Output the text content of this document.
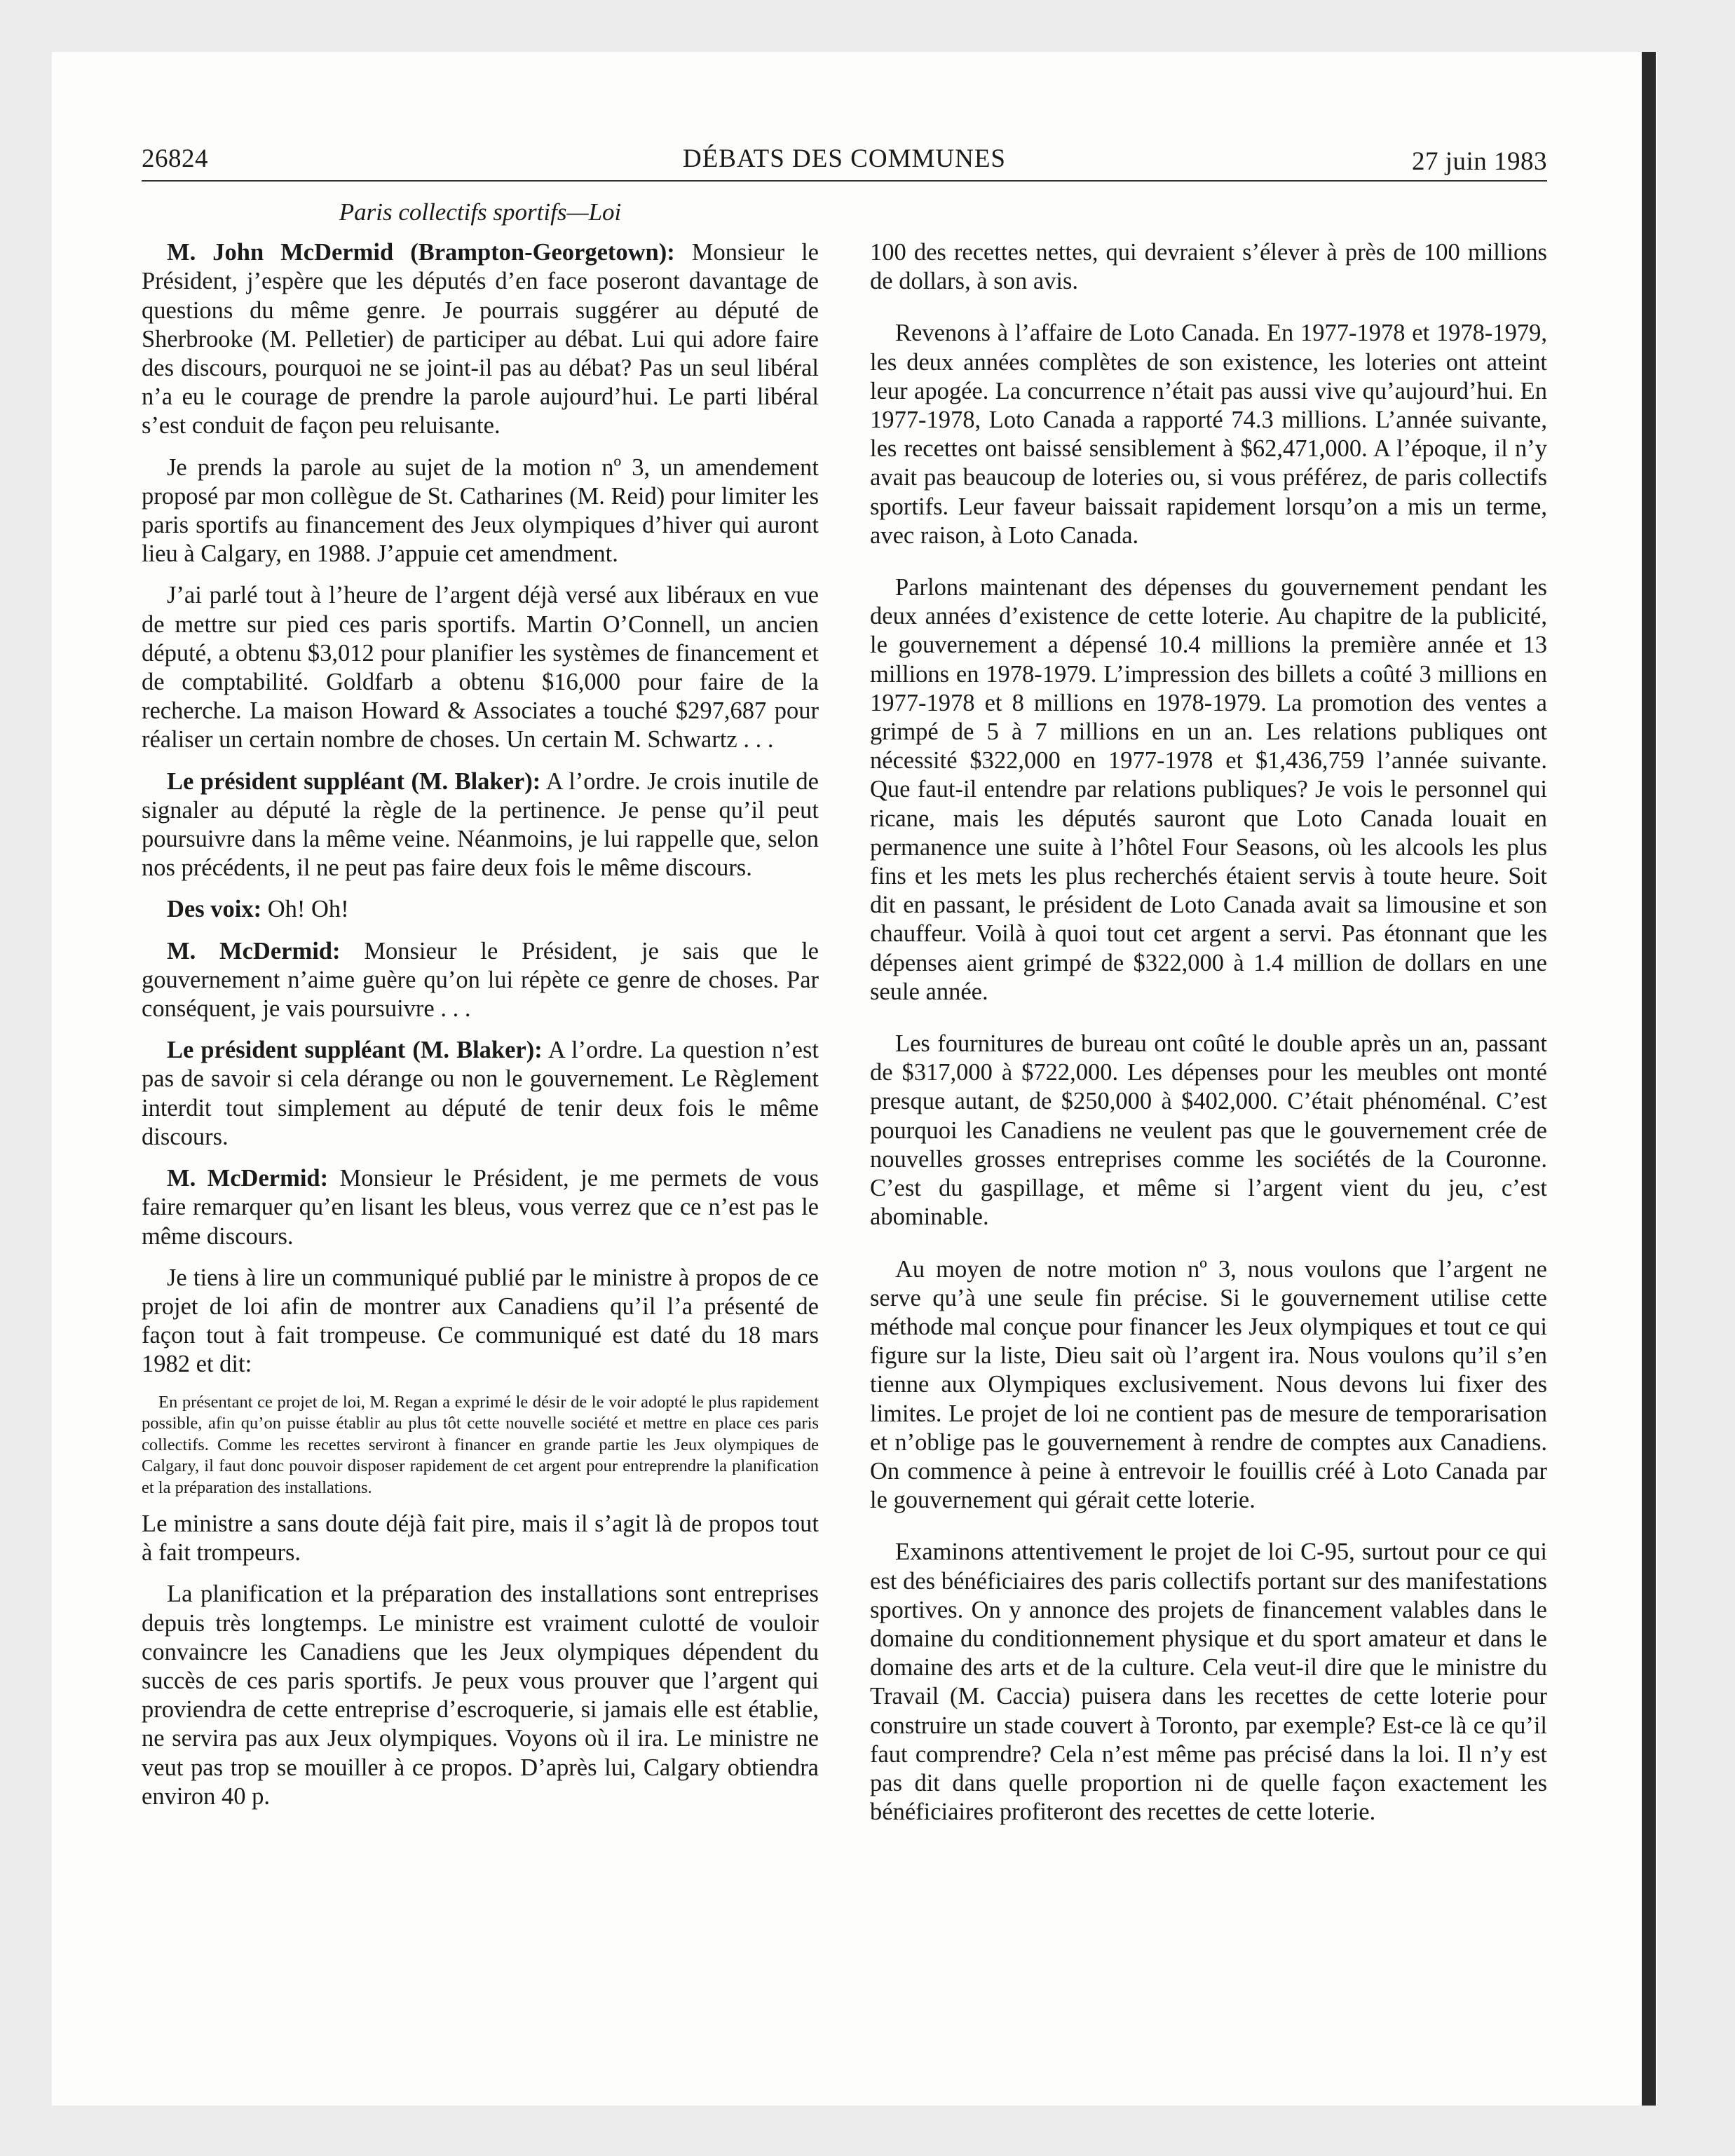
26824	DÉBATS DES COMMUNES	27 juin 1983
Paris collectifs sportifs—Loi

M. John McDermid (Brampton-Georgetown): Monsieur le Président, j’espère que les députés d’en face poseront davantage de questions du même genre. Je pourrais suggérer au député de Sherbrooke (M. Pelletier) de participer au débat. Lui qui adore faire des discours, pourquoi ne se joint-il pas au débat? Pas un seul libéral n’a eu le courage de prendre la parole aujourd’hui. Le parti libéral s’est conduit de façon peu reluisante.

Je prends la parole au sujet de la motion nº 3, un amendement proposé par mon collègue de St. Catharines (M. Reid) pour limiter les paris sportifs au financement des Jeux olympiques d’hiver qui auront lieu à Calgary, en 1988. J’appuie cet amendment.

J’ai parlé tout à l’heure de l’argent déjà versé aux libéraux en vue de mettre sur pied ces paris sportifs. Martin O’Connell, un ancien député, a obtenu $3,012 pour planifier les systèmes de financement et de comptabilité. Goldfarb a obtenu $16,000 pour faire de la recherche. La maison Howard & Associates a touché $297,687 pour réaliser un certain nombre de choses. Un certain M. Schwartz . . .

Le président suppléant (M. Blaker): A l’ordre. Je crois inutile de signaler au député la règle de la pertinence. Je pense qu’il peut poursuivre dans la même veine. Néanmoins, je lui rappelle que, selon nos précédents, il ne peut pas faire deux fois le même discours.

Des voix: Oh! Oh!

M. McDermid: Monsieur le Président, je sais que le gouvernement n’aime guère qu’on lui répète ce genre de choses. Par conséquent, je vais poursuivre . . .

Le président suppléant (M. Blaker): A l’ordre. La question n’est pas de savoir si cela dérange ou non le gouvernement. Le Règlement interdit tout simplement au député de tenir deux fois le même discours.

M. McDermid: Monsieur le Président, je me permets de vous faire remarquer qu’en lisant les bleus, vous verrez que ce n’est pas le même discours.

Je tiens à lire un communiqué publié par le ministre à propos de ce projet de loi afin de montrer aux Canadiens qu’il l’a présenté de façon tout à fait trompeuse. Ce communiqué est daté du 18 mars 1982 et dit:

En présentant ce projet de loi, M. Regan a exprimé le désir de le voir adopté le plus rapidement possible, afin qu’on puisse établir au plus tôt cette nouvelle société et mettre en place ces paris collectifs. Comme les recettes serviront à financer en grande partie les Jeux olympiques de Calgary, il faut donc pouvoir disposer rapidement de cet argent pour entreprendre la planification et la préparation des installations.

Le ministre a sans doute déjà fait pire, mais il s’agit là de propos tout à fait trompeurs.

La planification et la préparation des installations sont entreprises depuis très longtemps. Le ministre est vraiment culotté de vouloir convaincre les Canadiens que les Jeux olympiques dépendent du succès de ces paris sportifs. Je peux vous prouver que l’argent qui proviendra de cette entreprise d’escroquerie, si jamais elle est établie, ne servira pas aux Jeux olympiques. Voyons où il ira. Le ministre ne veut pas trop se mouiller à ce propos. D’après lui, Calgary obtiendra environ 40 p.

100 des recettes nettes, qui devraient s’élever à près de 100 millions de dollars, à son avis.

Revenons à l’affaire de Loto Canada. En 1977-1978 et 1978-1979, les deux années complètes de son existence, les loteries ont atteint leur apogée. La concurrence n’était pas aussi vive qu’aujourd’hui. En 1977-1978, Loto Canada a rapporté 74.3 millions. L’année suivante, les recettes ont baissé sensiblement à $62,471,000. A l’époque, il n’y avait pas beaucoup de loteries ou, si vous préférez, de paris collectifs sportifs. Leur faveur baissait rapidement lorsqu’on a mis un terme, avec raison, à Loto Canada.

Parlons maintenant des dépenses du gouvernement pendant les deux années d’existence de cette loterie. Au chapitre de la publicité, le gouvernement a dépensé 10.4 millions la première année et 13 millions en 1978-1979. L’impression des billets a coûté 3 millions en 1977-1978 et 8 millions en 1978-1979. La promotion des ventes a grimpé de 5 à 7 millions en un an. Les relations publiques ont nécessité $322,000 en 1977-1978 et $1,436,759 l’année suivante. Que faut-il entendre par relations publiques? Je vois le personnel qui ricane, mais les députés sauront que Loto Canada louait en permanence une suite à l’hôtel Four Seasons, où les alcools les plus fins et les mets les plus recherchés étaient servis à toute heure. Soit dit en passant, le président de Loto Canada avait sa limousine et son chauffeur. Voilà à quoi tout cet argent a servi. Pas étonnant que les dépenses aient grimpé de $322,000 à 1.4 million de dollars en une seule année.

Les fournitures de bureau ont coûté le double après un an, passant de $317,000 à $722,000. Les dépenses pour les meubles ont monté presque autant, de $250,000 à $402,000. C’était phénoménal. C’est pourquoi les Canadiens ne veulent pas que le gouvernement crée de nouvelles grosses entreprises comme les sociétés de la Couronne. C’est du gaspillage, et même si l’argent vient du jeu, c’est abominable.

Au moyen de notre motion nº 3, nous voulons que l’argent ne serve qu’à une seule fin précise. Si le gouvernement utilise cette méthode mal conçue pour financer les Jeux olympiques et tout ce qui figure sur la liste, Dieu sait où l’argent ira. Nous voulons qu’il s’en tienne aux Olympiques exclusivement. Nous devons lui fixer des limites. Le projet de loi ne contient pas de mesure de temporarisation et n’oblige pas le gouvernement à rendre de comptes aux Canadiens. On commence à peine à entrevoir le fouillis créé à Loto Canada par le gouvernement qui gérait cette loterie.

Examinons attentivement le projet de loi C-95, surtout pour ce qui est des bénéficiaires des paris collectifs portant sur des manifestations sportives. On y annonce des projets de financement valables dans le domaine du conditionnement physique et du sport amateur et dans le domaine des arts et de la culture. Cela veut-il dire que le ministre du Travail (M. Caccia) puisera dans les recettes de cette loterie pour construire un stade couvert à Toronto, par exemple? Est-ce là ce qu’il faut comprendre? Cela n’est même pas précisé dans la loi. Il n’y est pas dit dans quelle proportion ni de quelle façon exactement les bénéficiaires profiteront des recettes de cette loterie.
